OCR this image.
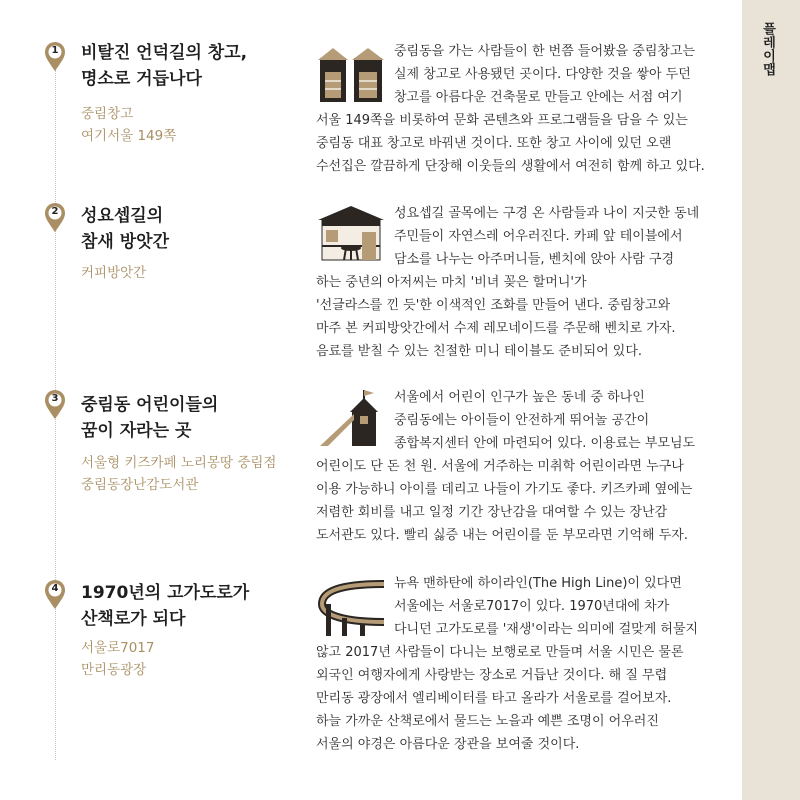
플레이맵
1	비탈진 언덕길의 창고,
명소로 거듭나다
중림창고
여기서울 149쪽
중림동을 가는 사람들이 한 번쯤 들어봤을 중림창고는
실제 창고로 사용됐던 곳이다. 다양한 것을 쌓아 두던
창고를 아름다운 건축물로 만들고 안에는 서점 여기
서울 149쪽을 비롯하여 문화 콘텐츠와 프로그램들을 담을 수 있는
중림동 대표 창고로 바꿔낸 것이다. 또한 창고 사이에 있던 오랜
수선집은 깔끔하게 단장해 이웃들의 생활에서 여전히 함께 하고 있다.
2	성요셉길의
참새 방앗간
커피방앗간
성요셉길 골목에는 구경 온 사람들과 나이 지긋한 동네
주민들이 자연스레 어우러진다. 카페 앞 테이블에서
담소를 나누는 아주머니들, 벤치에 앉아 사람 구경
하는 중년의 아저씨는 마치 '비녀 꽂은 할머니'가
'선글라스를 낀 듯'한 이색적인 조화를 만들어 낸다. 중림창고와
마주 본 커피방앗간에서 수제 레모네이드를 주문해 벤치로 가자.
음료를 받칠 수 있는 친절한 미니 테이블도 준비되어 있다.
3	중림동 어린이들의
꿈이 자라는 곳
서울형 키즈카페 노리몽땅 중림점
중림동장난감도서관
서울에서 어린이 인구가 높은 동네 중 하나인
중림동에는 아이들이 안전하게 뛰어놀 공간이
종합복지센터 안에 마련되어 있다. 이용료는 부모님도
어린이도 단 돈 천 원. 서울에 거주하는 미취학 어린이라면 누구나
이용 가능하니 아이를 데리고 나들이 가기도 좋다. 키즈카페 옆에는
저렴한 회비를 내고 일정 기간 장난감을 대여할 수 있는 장난감
도서관도 있다. 빨리 싫증 내는 어린이를 둔 부모라면 기억해 두자.
4	1970년의 고가도로가
산책로가 되다
서울로7017
만리동광장
뉴욕 맨하탄에 하이라인(The High Line)이 있다면
서울에는 서울로7017이 있다. 1970년대에 차가
다니던 고가도로를 '재생'이라는 의미에 걸맞게 허물지
않고 2017년 사람들이 다니는 보행로로 만들며 서울 시민은 물론
외국인 여행자에게 사랑받는 장소로 거듭난 것이다. 해 질 무렵
만리동 광장에서 엘리베이터를 타고 올라가 서울로를 걸어보자.
하늘 가까운 산책로에서 물드는 노을과 예쁜 조명이 어우러진
서울의 야경은 아름다운 장관을 보여줄 것이다.
